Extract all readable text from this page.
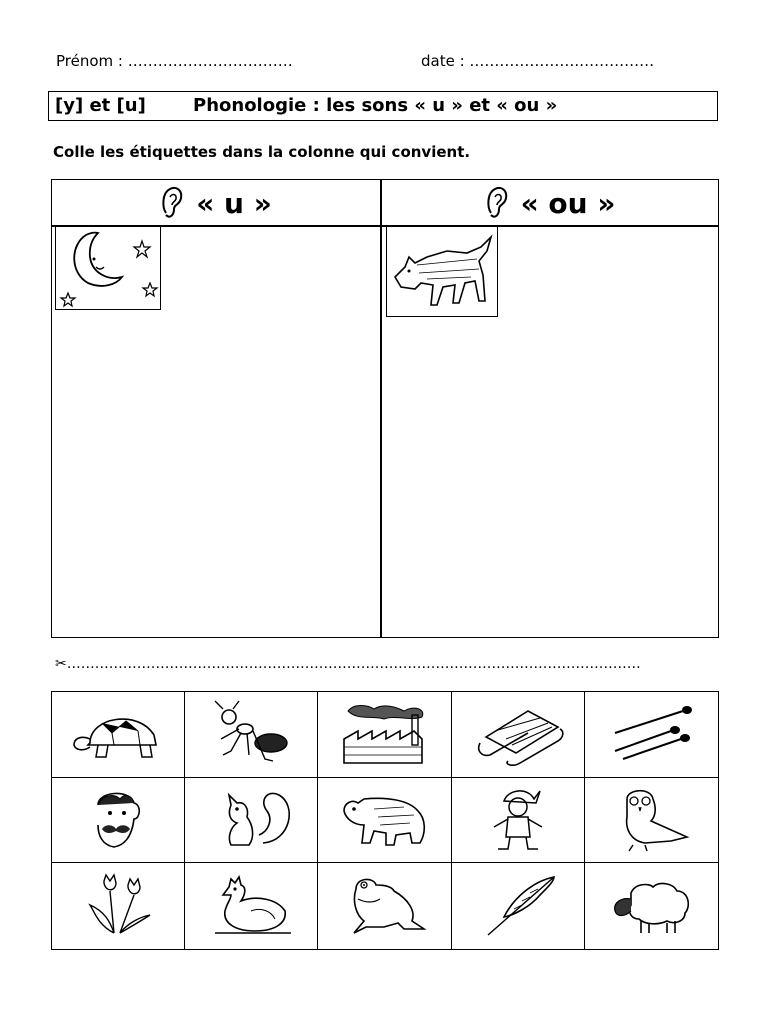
Prénom : ……………………………	date : ………………….……………
[y] et [u]	Phonologie : les sons « u » et « ou »
Colle les étiquettes dans la colonne qui convient.
« u »	« ou »
✂……………………………………………………………………………………………………………
